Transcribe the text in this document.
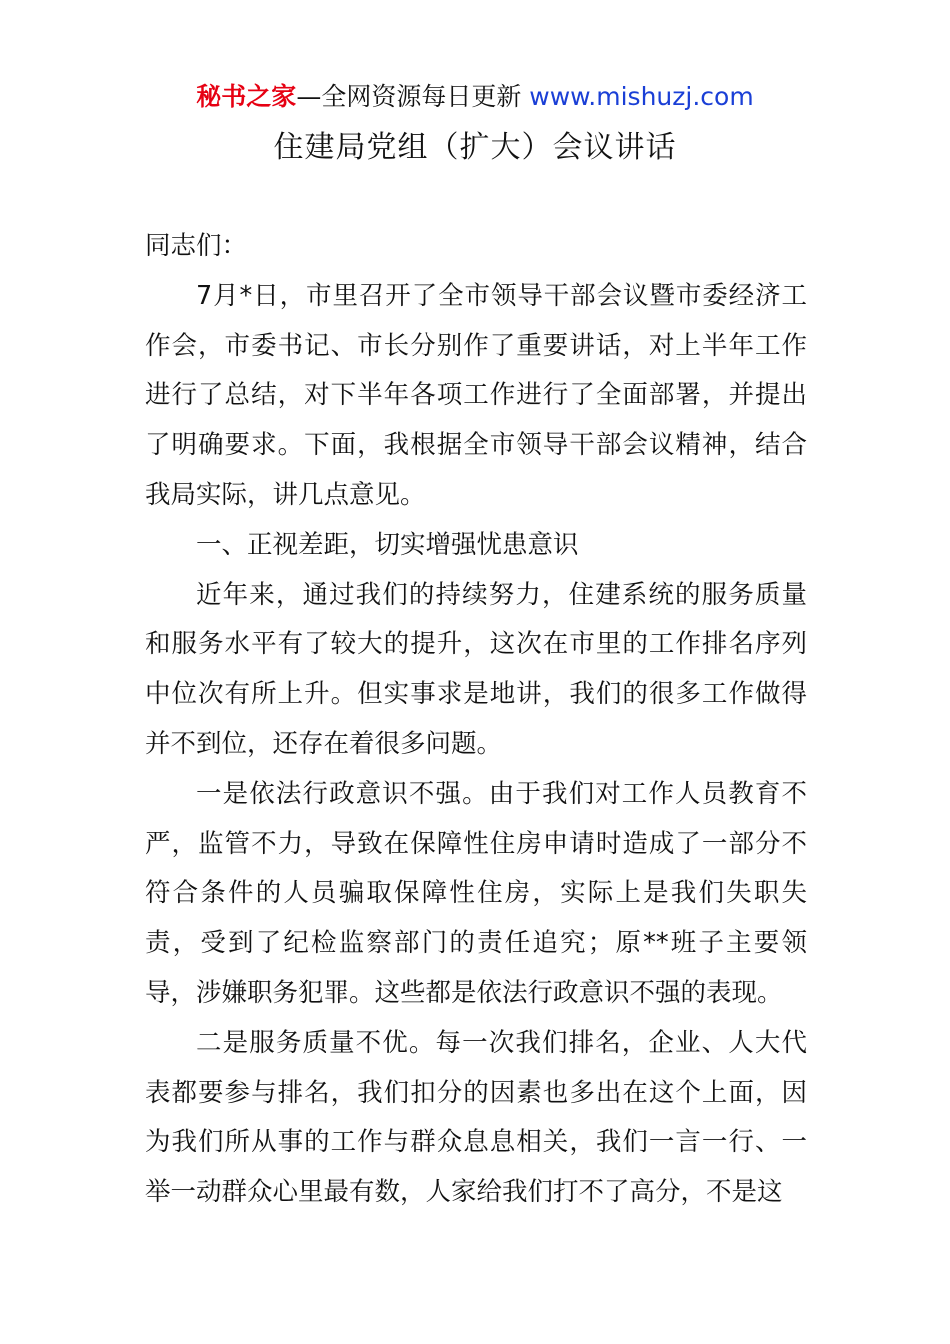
秘书之家—全网资源每日更新 www.mishuzj.com
住建局党组（扩大）会议讲话

同志们：

7月*日，市里召开了全市领导干部会议暨市委经济工作会，市委书记、市长分别作了重要讲话，对上半年工作进行了总结，对下半年各项工作进行了全面部署，并提出了明确要求。下面，我根据全市领导干部会议精神，结合我局实际，讲几点意见。

一、正视差距，切实增强忧患意识

近年来，通过我们的持续努力，住建系统的服务质量和服务水平有了较大的提升，这次在市里的工作排名序列中位次有所上升。但实事求是地讲，我们的很多工作做得并不到位，还存在着很多问题。

一是依法行政意识不强。由于我们对工作人员教育不严，监管不力，导致在保障性住房申请时造成了一部分不符合条件的人员骗取保障性住房，实际上是我们失职失责，受到了纪检监察部门的责任追究；原**班子主要领导，涉嫌职务犯罪。这些都是依法行政意识不强的表现。

二是服务质量不优。每一次我们排名，企业、人大代表都要参与排名，我们扣分的因素也多出在这个上面，因为我们所从事的工作与群众息息相关，我们一言一行、一举一动群众心里最有数，人家给我们打不了高分，不是这
